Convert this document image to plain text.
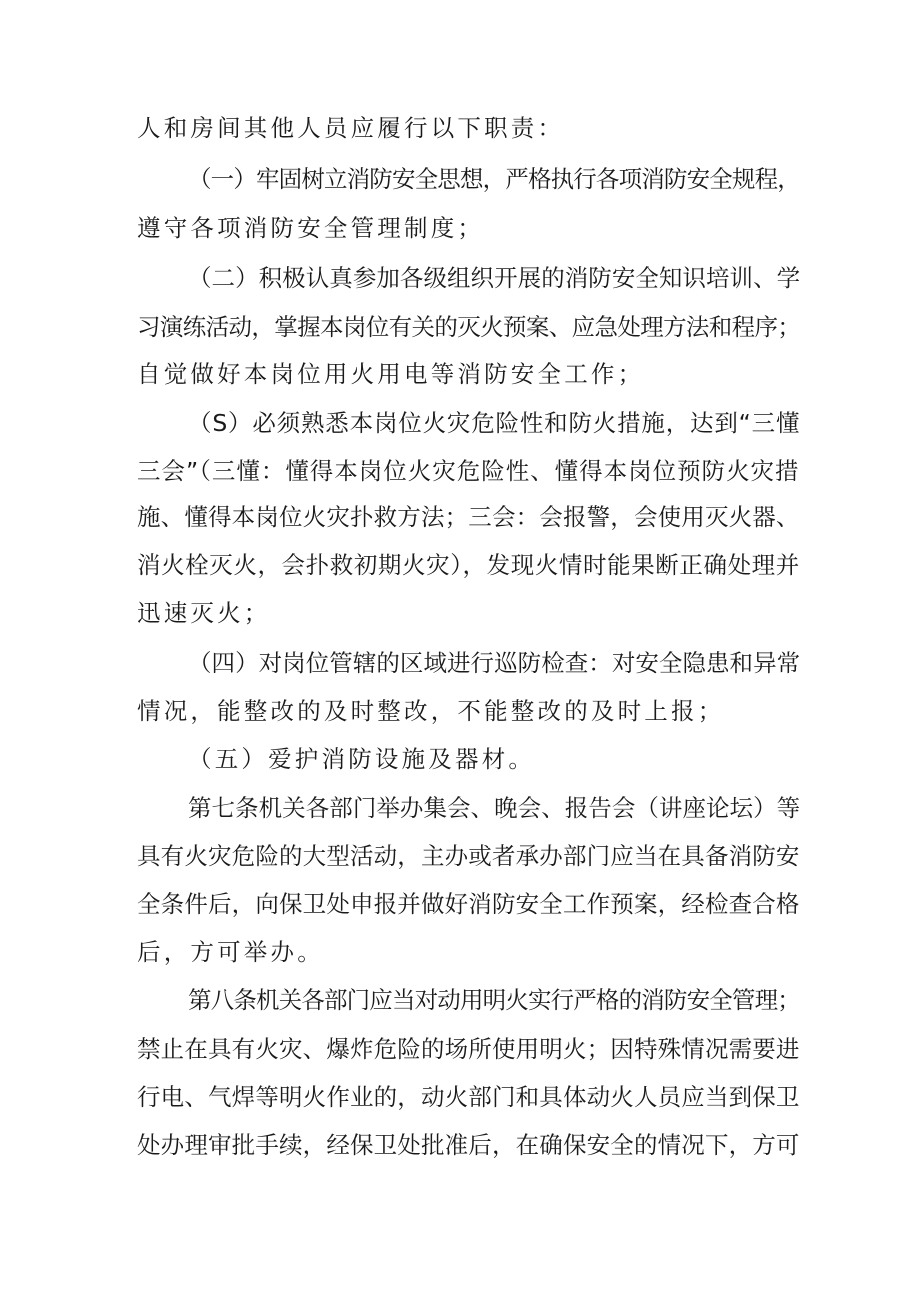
人和房间其他人员应履行以下职责：
（一）牢固树立消防安全思想，严格执行各项消防安全规程，
遵守各项消防安全管理制度；
（二）积极认真参加各级组织开展的消防安全知识培训、学
习演练活动，掌握本岗位有关的灭火预案、应急处理方法和程序；
自觉做好本岗位用火用电等消防安全工作；
（S）必须熟悉本岗位火灾危险性和防火措施，达到“三懂
三会”（三懂：懂得本岗位火灾危险性、懂得本岗位预防火灾措
施、懂得本岗位火灾扑救方法；三会：会报警，会使用灭火器、
消火栓灭火，会扑救初期火灾），发现火情时能果断正确处理并
迅速灭火；
（四）对岗位管辖的区域进行巡防检查：对安全隐患和异常
情况，能整改的及时整改，不能整改的及时上报；
（五）爱护消防设施及器材。
第七条机关各部门举办集会、晚会、报告会（讲座论坛）等
具有火灾危险的大型活动，主办或者承办部门应当在具备消防安
全条件后，向保卫处申报并做好消防安全工作预案，经检查合格
后，方可举办。
第八条机关各部门应当对动用明火实行严格的消防安全管理；
禁止在具有火灾、爆炸危险的场所使用明火；因特殊情况需要进
行电、气焊等明火作业的，动火部门和具体动火人员应当到保卫
处办理审批手续，经保卫处批准后，在确保安全的情况下，方可
